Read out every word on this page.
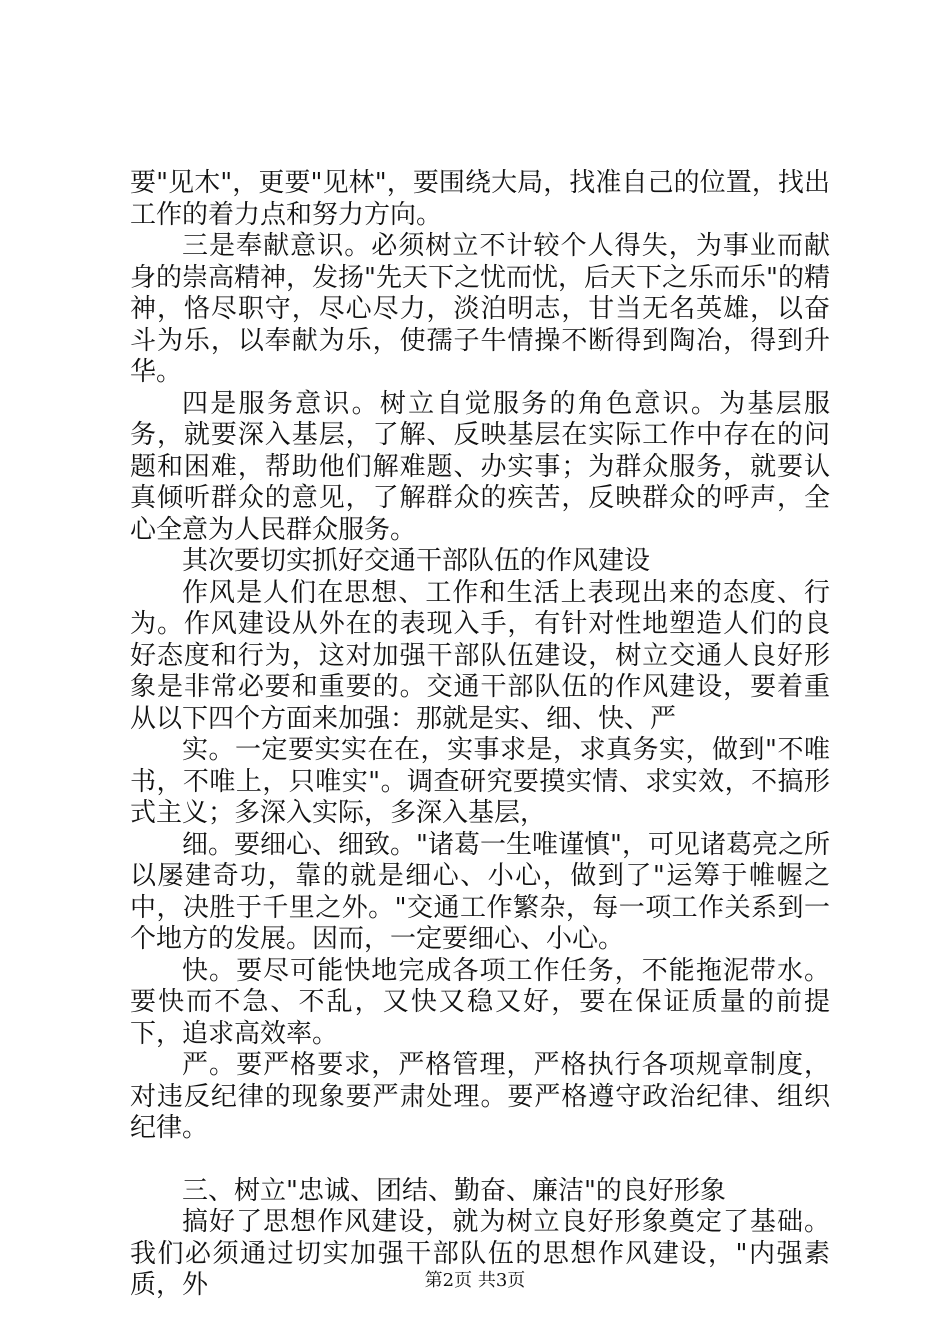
要"见木"，更要"见林"，要围绕大局，找准自己的位置，找出工作的着力点和努力方向。

三是奉献意识。必须树立不计较个人得失，为事业而献身的崇高精神，发扬"先天下之忧而忧，后天下之乐而乐"的精神，恪尽职守，尽心尽力，淡泊明志，甘当无名英雄，以奋斗为乐，以奉献为乐，使孺子牛情操不断得到陶冶，得到升华。

四是服务意识。树立自觉服务的角色意识。为基层服务，就要深入基层，了解、反映基层在实际工作中存在的问题和困难，帮助他们解难题、办实事；为群众服务，就要认真倾听群众的意见，了解群众的疾苦，反映群众的呼声，全心全意为人民群众服务。

其次要切实抓好交通干部队伍的作风建设

作风是人们在思想、工作和生活上表现出来的态度、行为。作风建设从外在的表现入手，有针对性地塑造人们的良好态度和行为，这对加强干部队伍建设，树立交通人良好形象是非常必要和重要的。交通干部队伍的作风建设，要着重从以下四个方面来加强：那就是实、细、快、严

实。一定要实实在在，实事求是，求真务实，做到"不唯书，不唯上，只唯实"。调查研究要摸实情、求实效，不搞形式主义；多深入实际，多深入基层，

细。要细心、细致。"诸葛一生唯谨慎"，可见诸葛亮之所以屡建奇功，靠的就是细心、小心，做到了"运筹于帷幄之中，决胜于千里之外。"交通工作繁杂，每一项工作关系到一个地方的发展。因而，一定要细心、小心。

快。要尽可能快地完成各项工作任务，不能拖泥带水。要快而不急、不乱，又快又稳又好，要在保证质量的前提下，追求高效率。

严。要严格要求，严格管理，严格执行各项规章制度，对违反纪律的现象要严肃处理。要严格遵守政治纪律、组织纪律。

三、树立"忠诚、团结、勤奋、廉洁"的良好形象

搞好了思想作风建设，就为树立良好形象奠定了基础。我们必须通过切实加强干部队伍的思想作风建设，"内强素质，外	第2页 共3页
